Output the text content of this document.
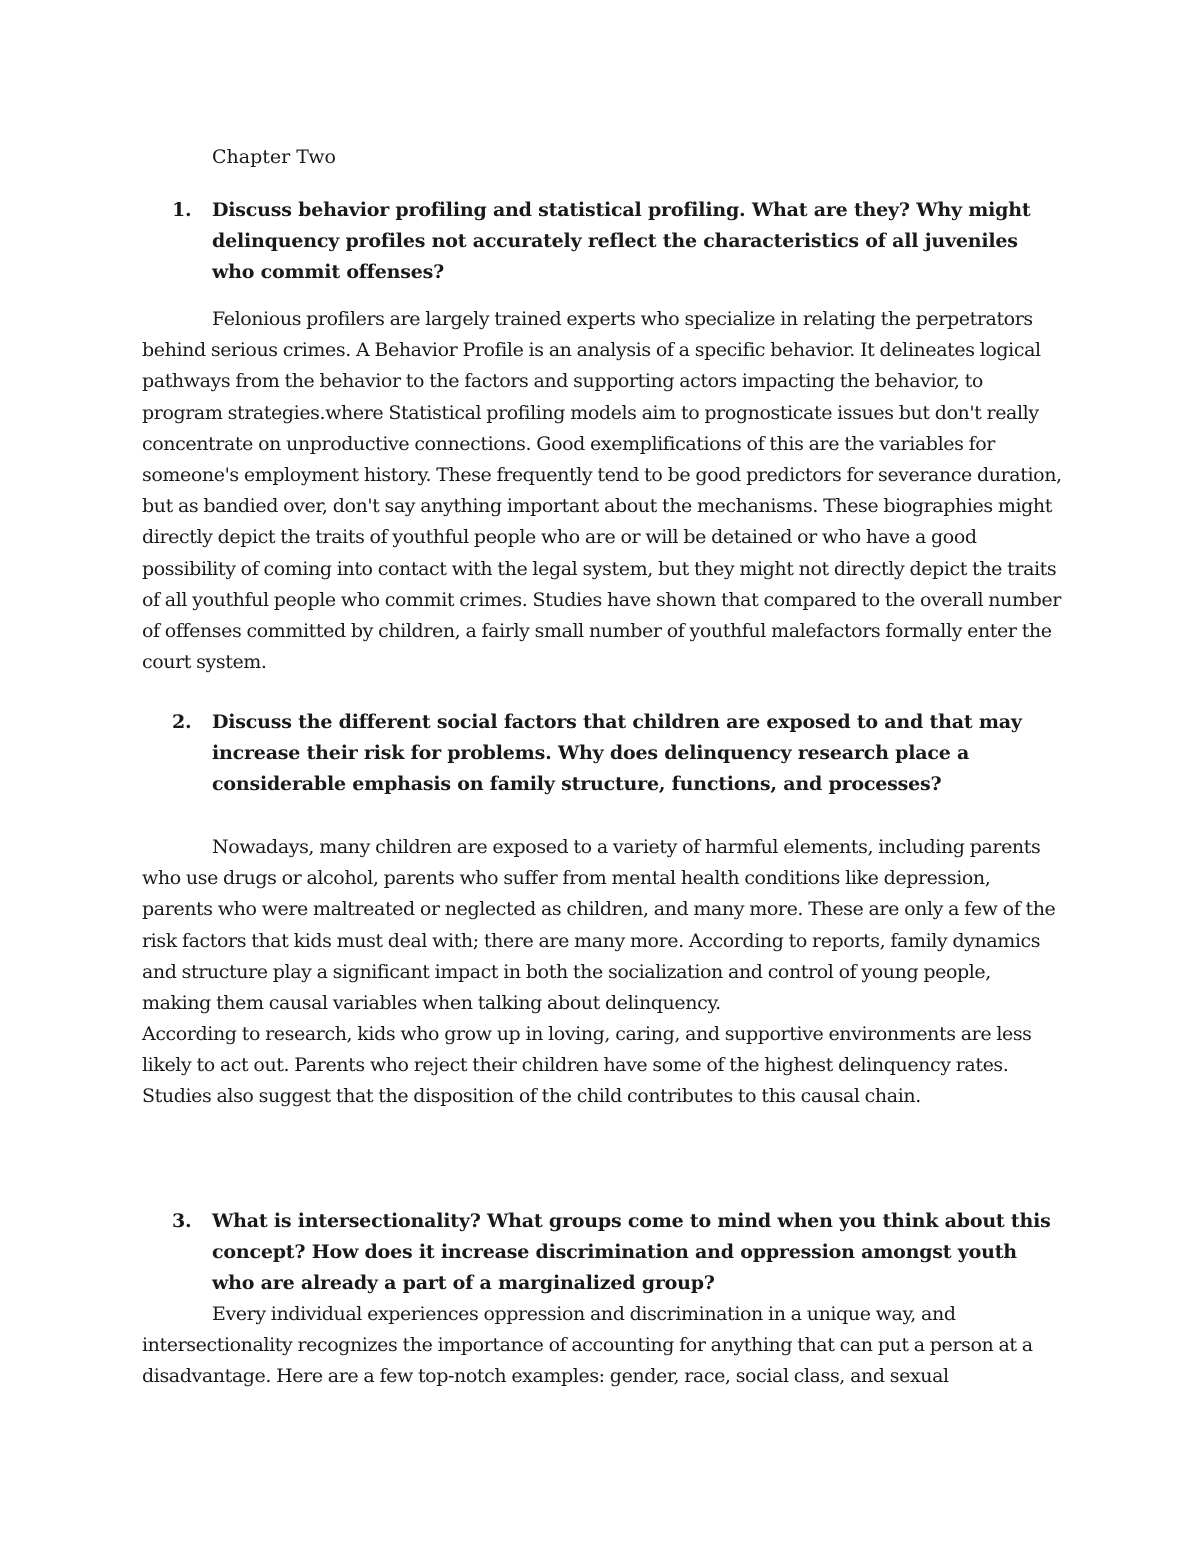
Chapter Two
1.	Discuss behavior profiling and statistical profiling. What are they? Why might delinquency profiles not accurately reflect the characteristics of all juveniles who commit offenses?
Felonious profilers are largely trained experts who specialize in relating the perpetrators behind serious crimes. A Behavior Profile is an analysis of a specific behavior. It delineates logical pathways from the behavior to the factors and supporting actors impacting the behavior, to program strategies.where Statistical profiling models aim to prognosticate issues but don't really concentrate on unproductive connections. Good exemplifications of this are the variables for someone's employment history. These frequently tend to be good predictors for severance duration, but as bandied over, don't say anything important about the mechanisms. These biographies might directly depict the traits of youthful people who are or will be detained or who have a good possibility of coming into contact with the legal system, but they might not directly depict the traits of all youthful people who commit crimes. Studies have shown that compared to the overall number of offenses committed by children, a fairly small number of youthful malefactors formally enter the court system.
2.	Discuss the different social factors that children are exposed to and that may increase their risk for problems. Why does delinquency research place a considerable emphasis on family structure, functions, and processes?
Nowadays, many children are exposed to a variety of harmful elements, including parents who use drugs or alcohol, parents who suffer from mental health conditions like depression, parents who were maltreated or neglected as children, and many more. These are only a few of the risk factors that kids must deal with; there are many more. According to reports, family dynamics and structure play a significant impact in both the socialization and control of young people, making them causal variables when talking about delinquency.
According to research, kids who grow up in loving, caring, and supportive environments are less likely to act out. Parents who reject their children have some of the highest delinquency rates. Studies also suggest that the disposition of the child contributes to this causal chain.
3.	What is intersectionality? What groups come to mind when you think about this concept? How does it increase discrimination and oppression amongst youth who are already a part of a marginalized group?
Every individual experiences oppression and discrimination in a unique way, and intersectionality recognizes the importance of accounting for anything that can put a person at a disadvantage. Here are a few top-notch examples: gender, race, social class, and sexual
